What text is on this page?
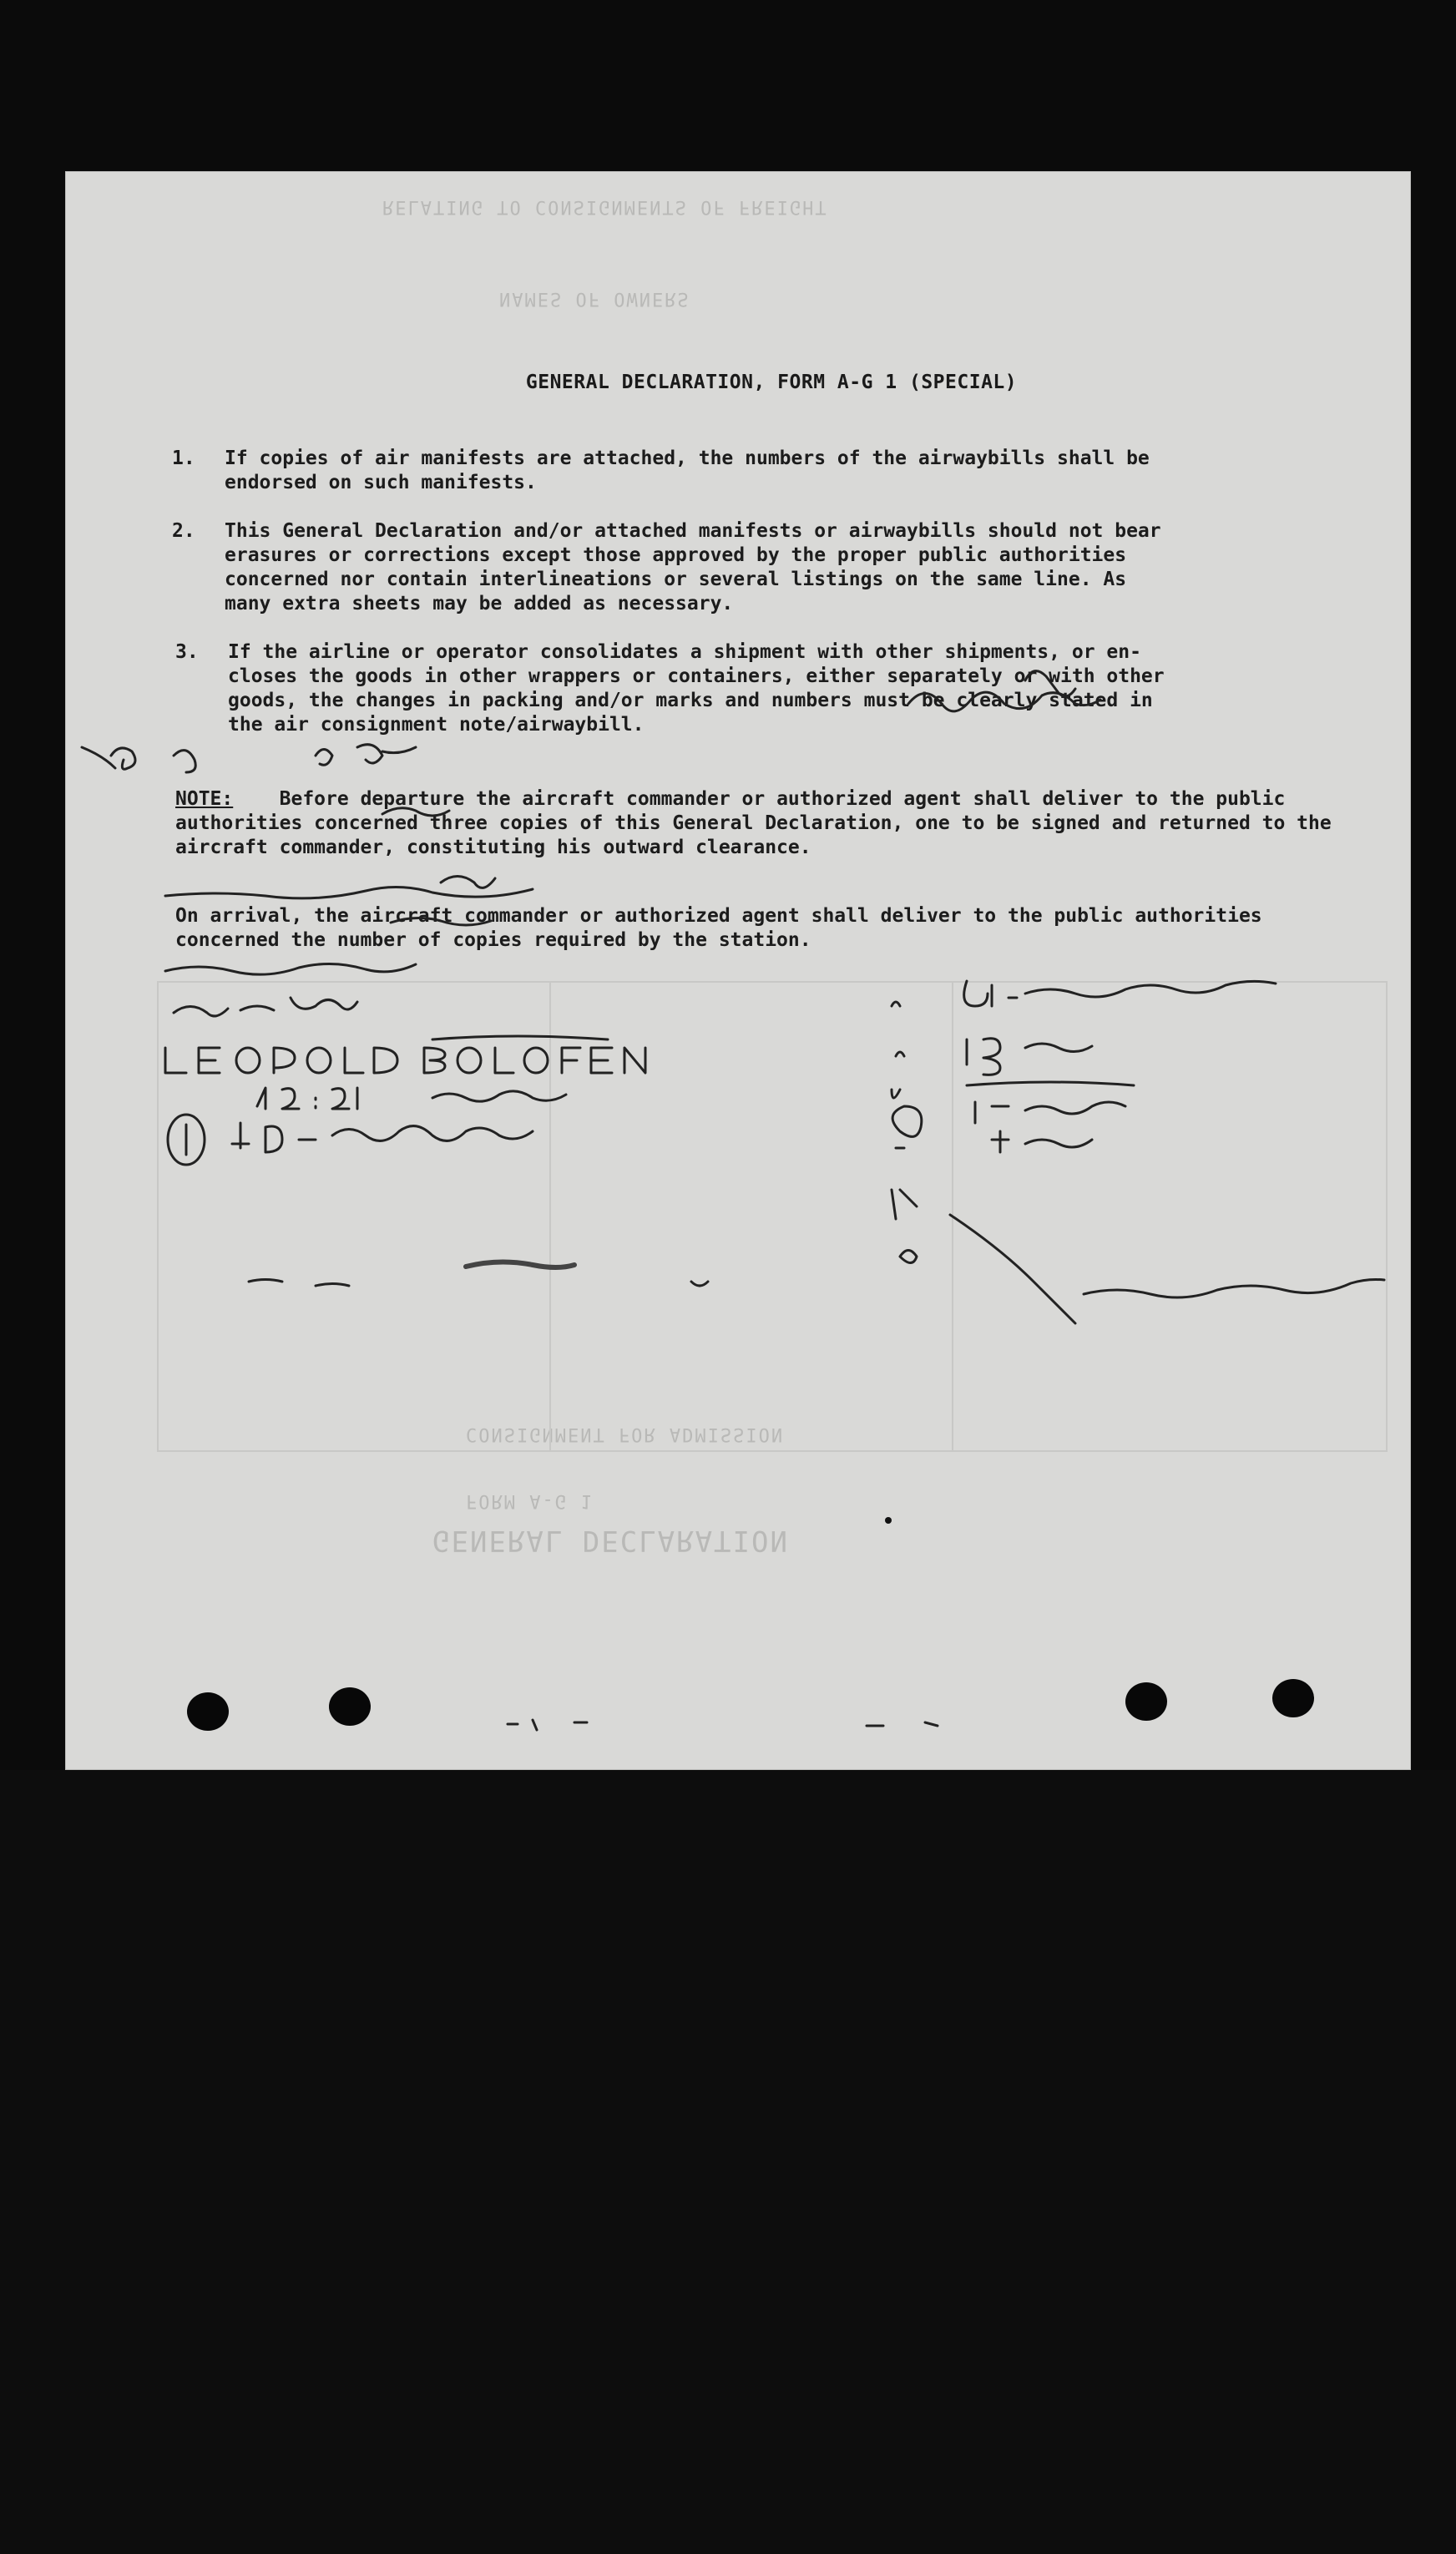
RELATING TO CONSIGNMENTS OF FREIGHT
NAMES OF OWNERS
GENERAL DECLARATION
FORM A-G 1
CONSIGNMENT FOR ADMISSION
GENERAL DECLARATION, FORM A-G 1 (SPECIAL)
1. If copies of air manifests are attached, the numbers of the airwaybills shall be
endorsed on such manifests.
2. This General Declaration and/or attached manifests or airwaybills should not bear
erasures or corrections except those approved by the proper public authorities
concerned nor contain interlineations or several listings on the same line. As
many extra sheets may be added as necessary.
3. If the airline or operator consolidates a shipment with other shipments, or en-
closes the goods in other wrappers or containers, either separately or with other
goods, the changes in packing and/or marks and numbers must be clearly stated in
the air consignment note/airwaybill.
NOTE: Before departure the aircraft commander or authorized agent shall deliver to the public authorities concerned three copies of this General Declaration, one to be signed and returned to the aircraft commander, constituting his outward clearance.
On arrival, the aircraft commander or authorized agent shall deliver to the public authorities concerned the number of copies required by the station.
